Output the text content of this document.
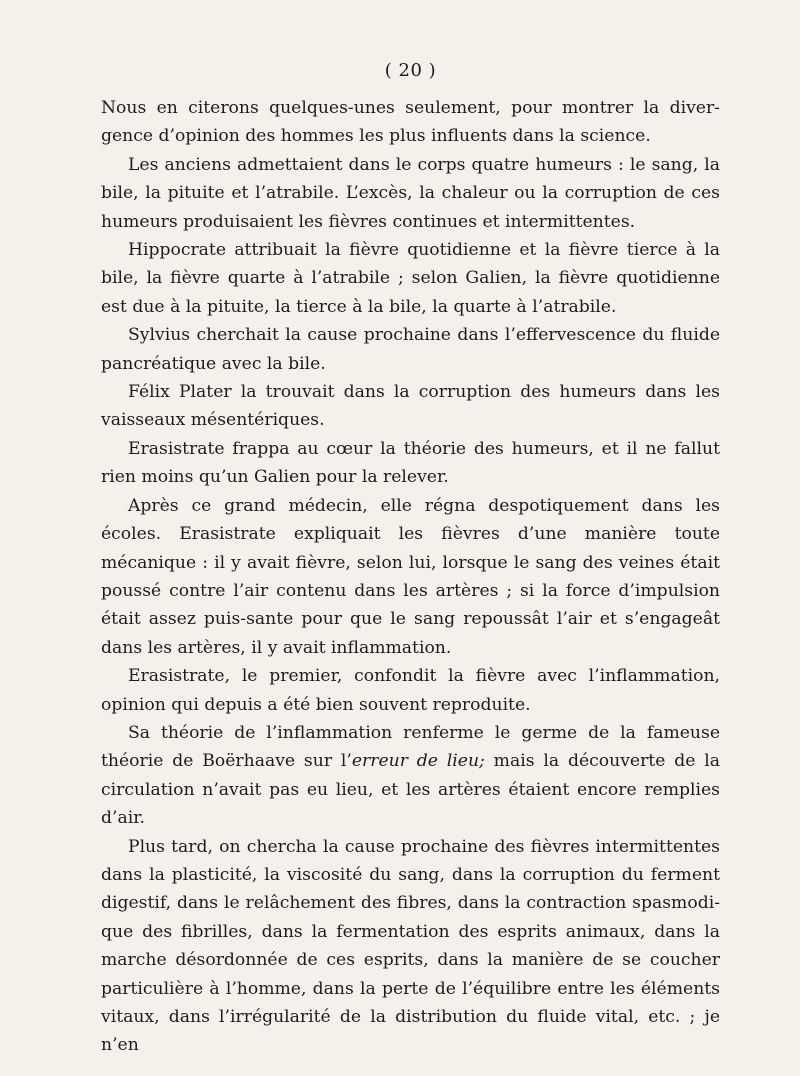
( 20 )

Nous en citerons quelques-unes seulement, pour montrer la diver-gence d’opinion des hommes les plus influents dans la science.

Les anciens admettaient dans le corps quatre humeurs : le sang, la bile, la pituite et l’atrabile. L’excès, la chaleur ou la corruption de ces humeurs produisaient les fièvres continues et intermittentes.

Hippocrate attribuait la fièvre quotidienne et la fièvre tierce à la bile, la fièvre quarte à l’atrabile ; selon Galien, la fièvre quotidienne est due à la pituite, la tierce à la bile, la quarte à l’atrabile.

Sylvius cherchait la cause prochaine dans l’effervescence du fluide pancréatique avec la bile.

Félix Plater la trouvait dans la corruption des humeurs dans les vaisseaux mésentériques.

Erasistrate frappa au cœur la théorie des humeurs, et il ne fallut rien moins qu’un Galien pour la relever.

Après ce grand médecin, elle régna despotiquement dans les écoles. Erasistrate expliquait les fièvres d’une manière toute mécanique : il y avait fièvre, selon lui, lorsque le sang des veines était poussé contre l’air contenu dans les artères ; si la force d’impulsion était assez puis-sante pour que le sang repoussât l’air et s’engageât dans les artères, il y avait inflammation.

Erasistrate, le premier, confondit la fièvre avec l’inflammation, opinion qui depuis a été bien souvent reproduite.

Sa théorie de l’inflammation renferme le germe de la fameuse théorie de Boërhaave sur l’erreur de lieu; mais la découverte de la circulation n’avait pas eu lieu, et les artères étaient encore remplies d’air.

Plus tard, on chercha la cause prochaine des fièvres intermittentes dans la plasticité, la viscosité du sang, dans la corruption du ferment digestif, dans le relâchement des fibres, dans la contraction spasmodi-que des fibrilles, dans la fermentation des esprits animaux, dans la marche désordonnée de ces esprits, dans la manière de se coucher particulière à l’homme, dans la perte de l’équilibre entre les éléments vitaux, dans l’irrégularité de la distribution du fluide vital, etc. ; je n’en
